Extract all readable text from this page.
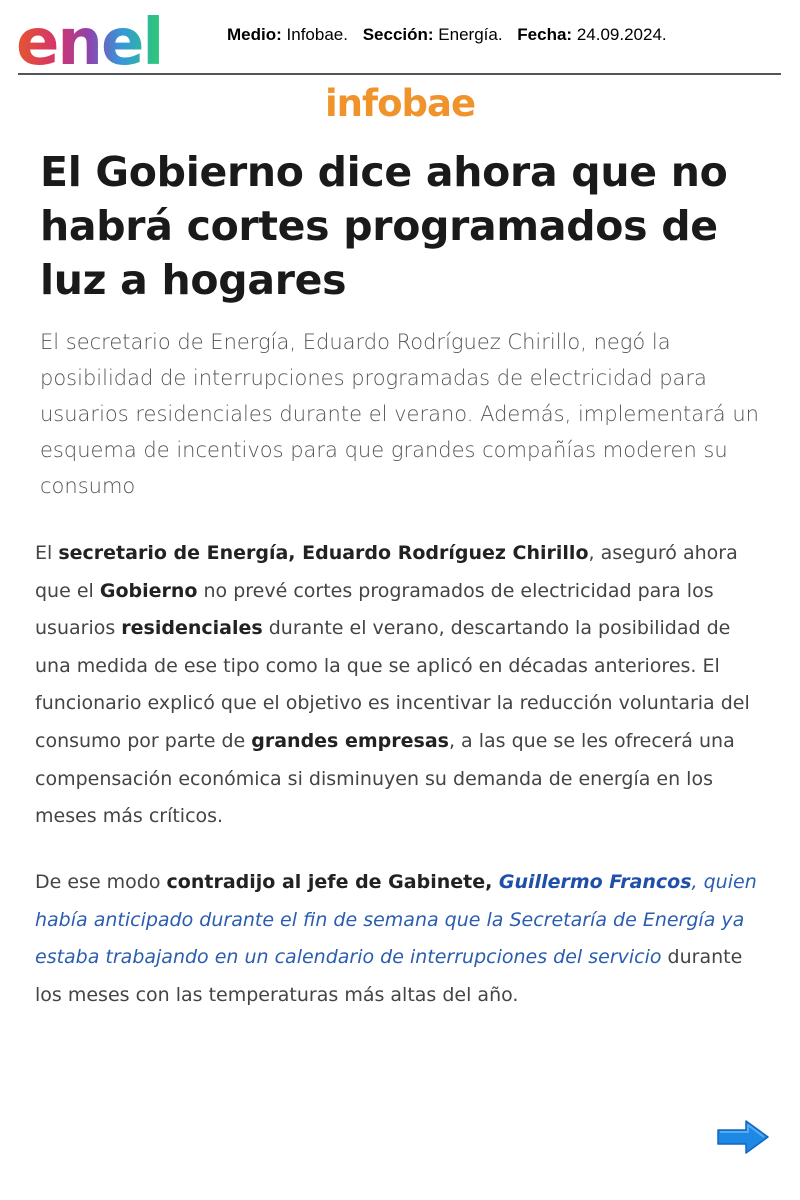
enel	Medio: Infobae. Sección: Energía. Fecha: 24.09.2024.
infobae
El Gobierno dice ahora que no habrá cortes programados de luz a hogares

El secretario de Energía, Eduardo Rodríguez Chirillo, negó la posibilidad de interrupciones programadas de electricidad para usuarios residenciales durante el verano. Además, implementará un esquema de incentivos para que grandes compañías moderen su consumo

El secretario de Energía, Eduardo Rodríguez Chirillo, aseguró ahora que el Gobierno no prevé cortes programados de electricidad para los usuarios residenciales durante el verano, descartando la posibilidad de una medida de ese tipo como la que se aplicó en décadas anteriores. El funcionario explicó que el objetivo es incentivar la reducción voluntaria del consumo por parte de grandes empresas, a las que se les ofrecerá una compensación económica si disminuyen su demanda de energía en los meses más críticos.

De ese modo contradijo al jefe de Gabinete, Guillermo Francos, quien había anticipado durante el fin de semana que la Secretaría de Energía ya estaba trabajando en un calendario de interrupciones del servicio durante los meses con las temperaturas más altas del año.
